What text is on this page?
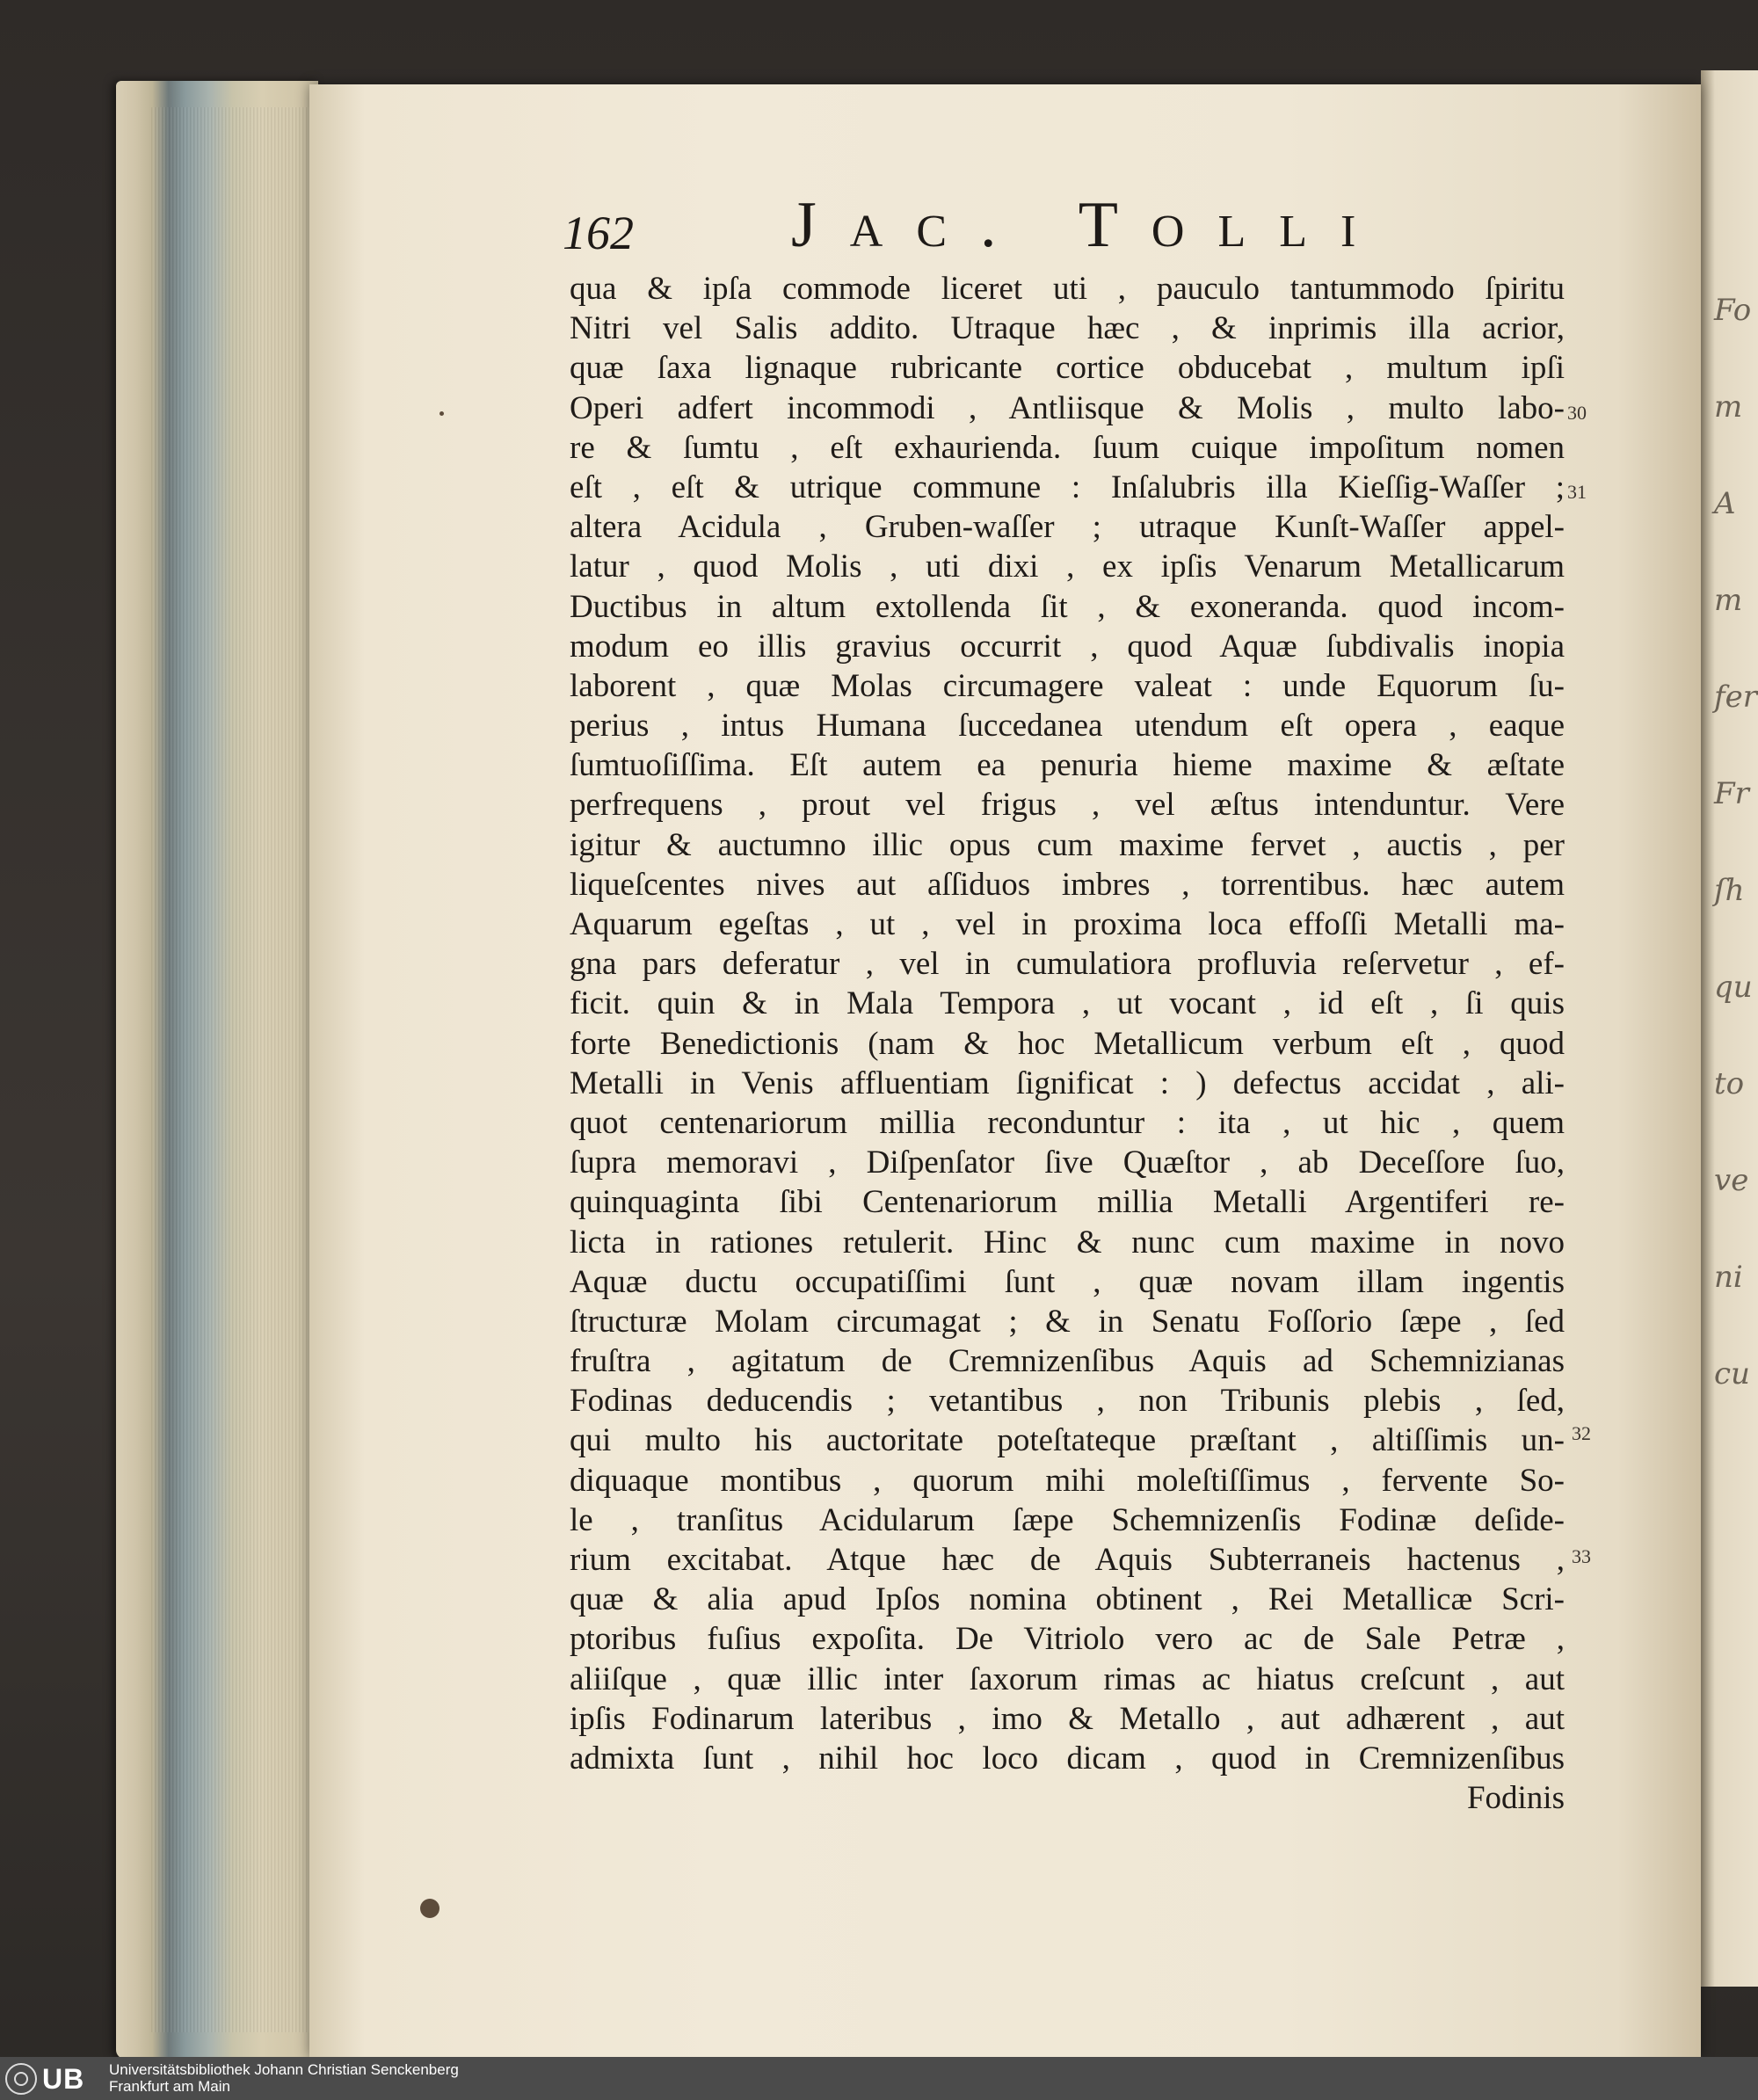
Fo
m
A
m
fer
Fr
ſh
qu
to
ve
ni
cu
162 Jac. Tolli
qua & ipſa commode liceret uti , pauculo tantummodo ſpiritu
Nitri vel Salis addito. Utraque hæc , & inprimis illa acrior,
quæ ſaxa lignaque rubricante cortice obducebat , multum ipſi
Operi adfert incommodi , Antliisque & Molis , multo labo-
re & ſumtu , eſt exhaurienda. ſuum cuique impoſitum nomen
eſt , eſt & utrique commune : Inſalubris illa Kieſſig-Waſſer ;
altera Acidula , Gruben-waſſer ; utraque Kunſt-Waſſer appel-
latur , quod Molis , uti dixi , ex ipſis Venarum Metallicarum
Ductibus in altum extollenda ſit , & exoneranda. quod incom-
modum eo illis gravius occurrit , quod Aquæ ſubdivalis inopia
laborent , quæ Molas circumagere valeat : unde Equorum ſu-
perius , intus Humana ſuccedanea utendum eſt opera , eaque
ſumtuoſiſſima. Eſt autem ea penuria hieme maxime & æſtate
perfrequens , prout vel frigus , vel æſtus intenduntur. Vere
igitur & auctumno illic opus cum maxime fervet , auctis , per
liqueſcentes nives aut aſſiduos imbres , torrentibus. hæc autem
Aquarum egeſtas , ut , vel in proxima loca effoſſi Metalli ma-
gna pars deferatur , vel in cumulatiora profluvia reſervetur , ef-
ficit. quin & in Mala Tempora , ut vocant , id eſt , ſi quis
forte Benedictionis (nam & hoc Metallicum verbum eſt , quod
Metalli in Venis affluentiam ſignificat : ) defectus accidat , ali-
quot centenariorum millia reconduntur : ita , ut hic , quem
ſupra memoravi , Diſpenſator ſive Quæſtor , ab Deceſſore ſuo,
quinquaginta ſibi Centenariorum millia Metalli Argentiferi re-
licta in rationes retulerit. Hinc & nunc cum maxime in novo
Aquæ ductu occupatiſſimi ſunt , quæ novam illam ingentis
ſtructuræ Molam circumagat ; & in Senatu Foſſorio ſæpe , ſed
fruſtra , agitatum de Cremnizenſibus Aquis ad Schemnizianas
Fodinas deducendis ; vetantibus , non Tribunis plebis , ſed,
qui multo his auctoritate poteſtateque præſtant , altiſſimis un-
diquaque montibus , quorum mihi moleſtiſſimus , fervente So-
le , tranſitus Acidularum ſæpe Schemnizenſis Fodinæ deſide-
rium excitabat. Atque hæc de Aquis Subterraneis hactenus ,
quæ & alia apud Ipſos nomina obtinent , Rei Metallicæ Scri-
ptoribus fuſius expoſita. De Vitriolo vero ac de Sale Petræ ,
aliiſque , quæ illic inter ſaxorum rimas ac hiatus creſcunt , aut
ipſis Fodinarum lateribus , imo & Metallo , aut adhærent , aut
admixta ſunt , nihil hoc loco dicam , quod in Cremnizenſibus
Fodinis
30
31
32
33
UB Universitätsbibliothek Johann Christian Senckenberg
Frankfurt am Main
